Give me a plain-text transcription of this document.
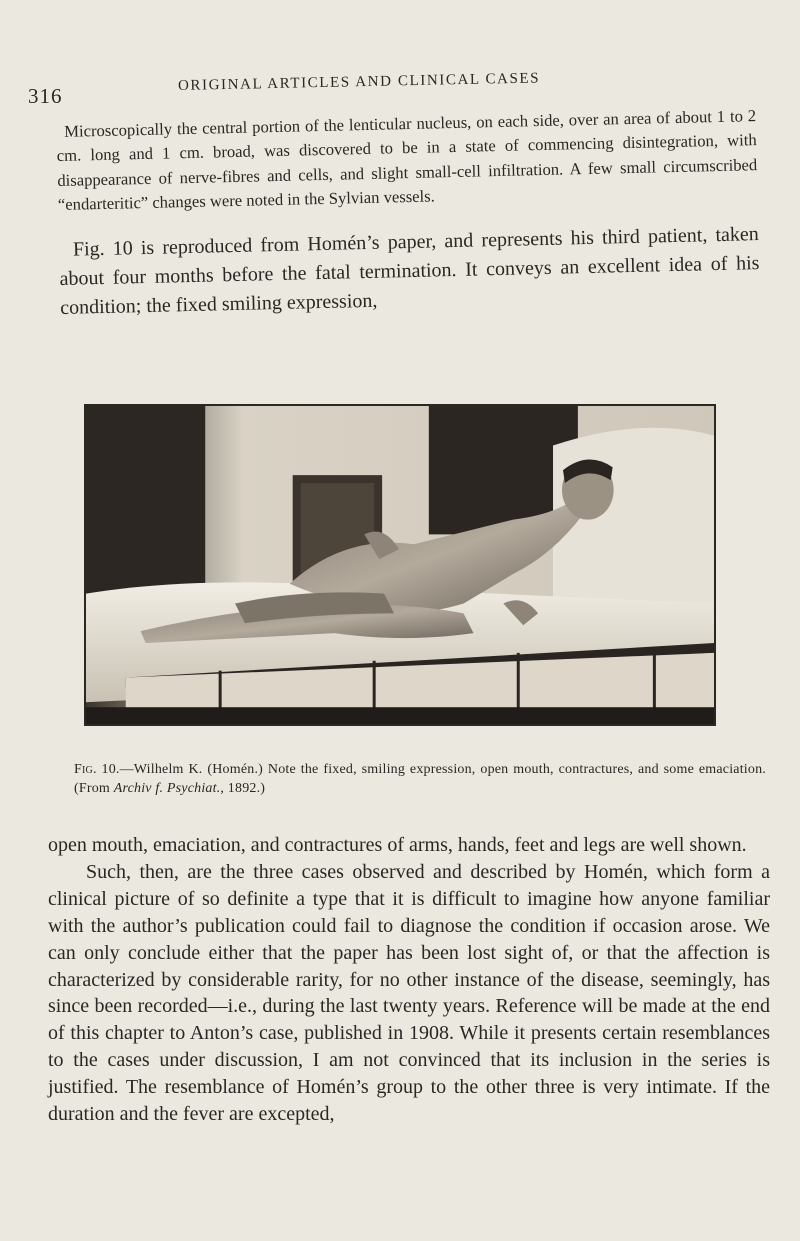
316
ORIGINAL ARTICLES AND CLINICAL CASES

Microscopically the central portion of the lenticular nucleus, on each side, over an area of about 1 to 2 cm. long and 1 cm. broad, was discovered to be in a state of commencing disintegration, with disappearance of nerve-fibres and cells, and slight small-cell infiltration. A few small circumscribed “endarteritic” changes were noted in the Sylvian vessels.

Fig. 10 is reproduced from Homén’s paper, and represents his third patient, taken about four months before the fatal termination. It conveys an excellent idea of his condition; the fixed smiling expression,

Fig. 10.—Wilhelm K. (Homén.) Note the fixed, smiling expression, open mouth, contractures, and some emaciation. (From Archiv f. Psychiat., 1892.)

open mouth, emaciation, and contractures of arms, hands, feet and legs are well shown.

Such, then, are the three cases observed and described by Homén, which form a clinical picture of so definite a type that it is difficult to imagine how anyone familiar with the author’s publication could fail to diagnose the condition if occasion arose. We can only conclude either that the paper has been lost sight of, or that the affection is characterized by considerable rarity, for no other instance of the disease, seemingly, has since been recorded—i.e., during the last twenty years. Reference will be made at the end of this chapter to Anton’s case, published in 1908. While it presents certain resemblances to the cases under discussion, I am not convinced that its inclusion in the series is justified. The resemblance of Homén’s group to the other three is very intimate. If the duration and the fever are excepted,
